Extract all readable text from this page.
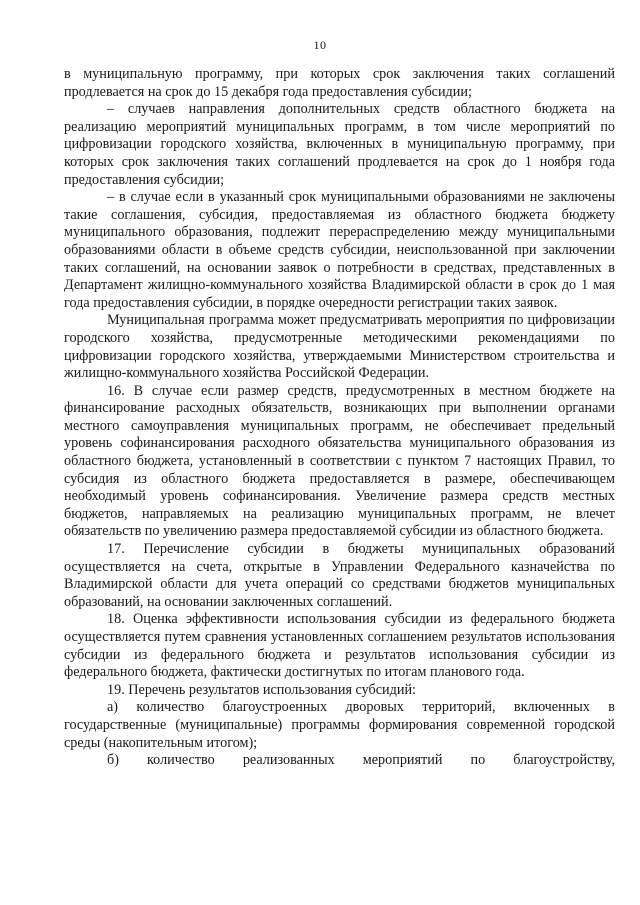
10

в муниципальную программу, при которых срок заключения таких соглашений продлевается на срок до 15 декабря года предоставления субсидии;

– случаев направления дополнительных средств областного бюджета на реализацию мероприятий муниципальных программ, в том числе мероприятий по цифровизации городского хозяйства, включенных в муниципальную программу, при которых срок заключения таких соглашений продлевается на срок до 1 ноября года предоставления субсидии;

– в случае если в указанный срок муниципальными образованиями не заключены такие соглашения, субсидия, предоставляемая из областного бюджета бюджету муниципального образования, подлежит перераспределению между муниципальными образованиями области в объеме средств субсидии, неиспользованной при заключении таких соглашений, на основании заявок о потребности в средствах, представленных в Департамент жилищно-коммунального хозяйства Владимирской области в срок до 1 мая года предоставления субсидии, в порядке очередности регистрации таких заявок.

Муниципальная программа может предусматривать мероприятия по цифровизации городского хозяйства, предусмотренные методическими рекомендациями по цифровизации городского хозяйства, утверждаемыми Министерством строительства и жилищно-коммунального хозяйства Российской Федерации.

16. В случае если размер средств, предусмотренных в местном бюджете на финансирование расходных обязательств, возникающих при выполнении органами местного самоуправления муниципальных программ, не обеспечивает предельный уровень софинансирования расходного обязательства муниципального образования из областного бюджета, установленный в соответствии с пунктом 7 настоящих Правил, то субсидия из областного бюджета предоставляется в размере, обеспечивающем необходимый уровень софинансирования. Увеличение размера средств местных бюджетов, направляемых на реализацию муниципальных программ, не влечет обязательств по увеличению размера предоставляемой субсидии из областного бюджета.

17. Перечисление субсидии в бюджеты муниципальных образований осуществляется на счета, открытые в Управлении Федерального казначейства по Владимирской области для учета операций со средствами бюджетов муниципальных образований, на основании заключенных соглашений.

18. Оценка эффективности использования субсидии из федерального бюджета осуществляется путем сравнения установленных соглашением результатов использования субсидии из федерального бюджета и результатов использования субсидии из федерального бюджета, фактически достигнутых по итогам планового года.

19. Перечень результатов использования субсидий:

а) количество благоустроенных дворовых территорий, включенных в государственные (муниципальные) программы формирования современной городской среды (накопительным итогом);

б) количество реализованных мероприятий по благоустройству,
